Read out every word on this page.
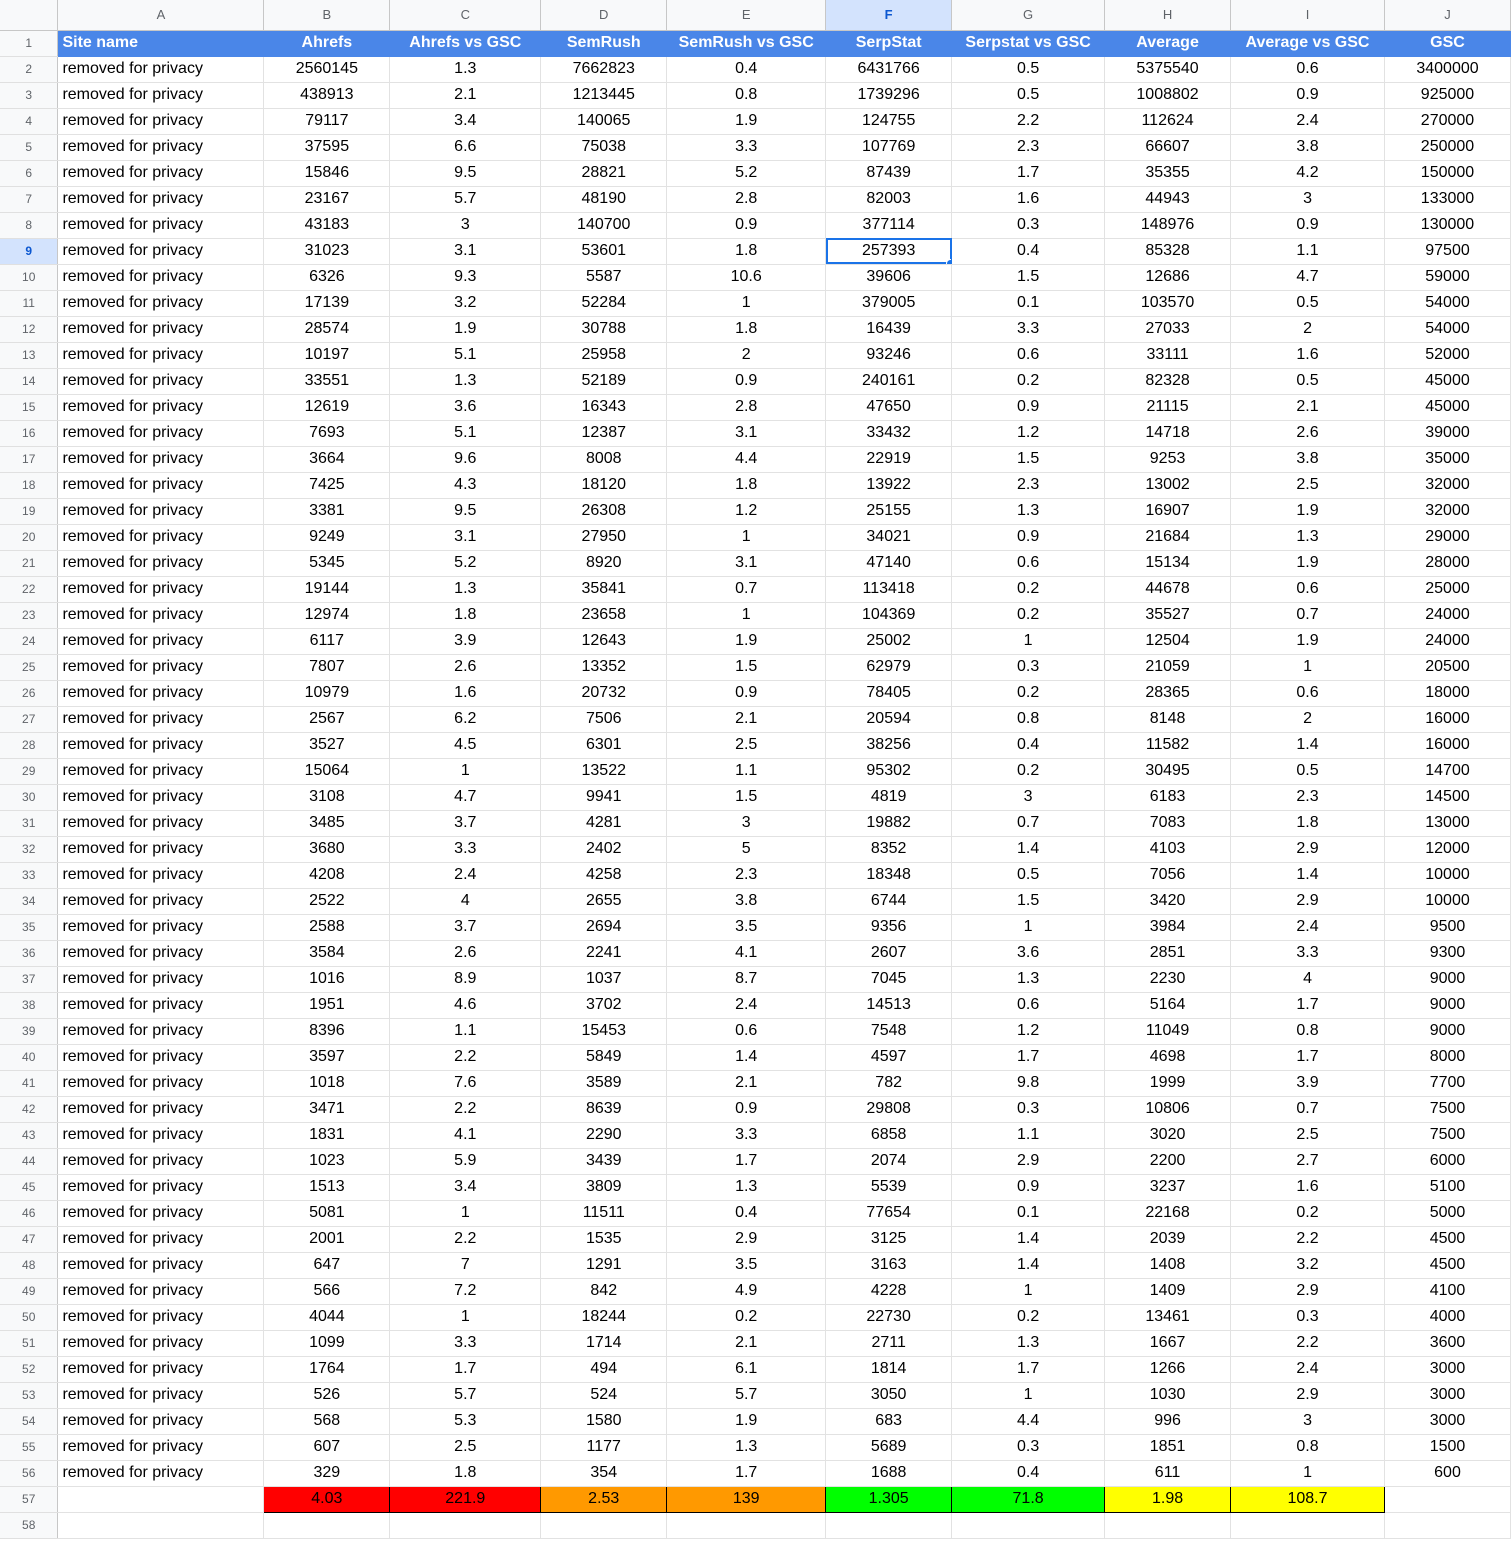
	A	B	C	D	E	F	G	H	I	J
1	Site name	Ahrefs	Ahrefs vs GSC	SemRush	SemRush vs GSC	SerpStat	Serpstat vs GSC	Average	Average vs GSC	GSC
2	removed for privacy	2560145	1.3	7662823	0.4	6431766	0.5	5375540	0.6	3400000
3	removed for privacy	438913	2.1	1213445	0.8	1739296	0.5	1008802	0.9	925000
4	removed for privacy	79117	3.4	140065	1.9	124755	2.2	112624	2.4	270000
5	removed for privacy	37595	6.6	75038	3.3	107769	2.3	66607	3.8	250000
6	removed for privacy	15846	9.5	28821	5.2	87439	1.7	35355	4.2	150000
7	removed for privacy	23167	5.7	48190	2.8	82003	1.6	44943	3	133000
8	removed for privacy	43183	3	140700	0.9	377114	0.3	148976	0.9	130000
9	removed for privacy	31023	3.1	53601	1.8	257393	0.4	85328	1.1	97500
10	removed for privacy	6326	9.3	5587	10.6	39606	1.5	12686	4.7	59000
11	removed for privacy	17139	3.2	52284	1	379005	0.1	103570	0.5	54000
12	removed for privacy	28574	1.9	30788	1.8	16439	3.3	27033	2	54000
13	removed for privacy	10197	5.1	25958	2	93246	0.6	33111	1.6	52000
14	removed for privacy	33551	1.3	52189	0.9	240161	0.2	82328	0.5	45000
15	removed for privacy	12619	3.6	16343	2.8	47650	0.9	21115	2.1	45000
16	removed for privacy	7693	5.1	12387	3.1	33432	1.2	14718	2.6	39000
17	removed for privacy	3664	9.6	8008	4.4	22919	1.5	9253	3.8	35000
18	removed for privacy	7425	4.3	18120	1.8	13922	2.3	13002	2.5	32000
19	removed for privacy	3381	9.5	26308	1.2	25155	1.3	16907	1.9	32000
20	removed for privacy	9249	3.1	27950	1	34021	0.9	21684	1.3	29000
21	removed for privacy	5345	5.2	8920	3.1	47140	0.6	15134	1.9	28000
22	removed for privacy	19144	1.3	35841	0.7	113418	0.2	44678	0.6	25000
23	removed for privacy	12974	1.8	23658	1	104369	0.2	35527	0.7	24000
24	removed for privacy	6117	3.9	12643	1.9	25002	1	12504	1.9	24000
25	removed for privacy	7807	2.6	13352	1.5	62979	0.3	21059	1	20500
26	removed for privacy	10979	1.6	20732	0.9	78405	0.2	28365	0.6	18000
27	removed for privacy	2567	6.2	7506	2.1	20594	0.8	8148	2	16000
28	removed for privacy	3527	4.5	6301	2.5	38256	0.4	11582	1.4	16000
29	removed for privacy	15064	1	13522	1.1	95302	0.2	30495	0.5	14700
30	removed for privacy	3108	4.7	9941	1.5	4819	3	6183	2.3	14500
31	removed for privacy	3485	3.7	4281	3	19882	0.7	7083	1.8	13000
32	removed for privacy	3680	3.3	2402	5	8352	1.4	4103	2.9	12000
33	removed for privacy	4208	2.4	4258	2.3	18348	0.5	7056	1.4	10000
34	removed for privacy	2522	4	2655	3.8	6744	1.5	3420	2.9	10000
35	removed for privacy	2588	3.7	2694	3.5	9356	1	3984	2.4	9500
36	removed for privacy	3584	2.6	2241	4.1	2607	3.6	2851	3.3	9300
37	removed for privacy	1016	8.9	1037	8.7	7045	1.3	2230	4	9000
38	removed for privacy	1951	4.6	3702	2.4	14513	0.6	5164	1.7	9000
39	removed for privacy	8396	1.1	15453	0.6	7548	1.2	11049	0.8	9000
40	removed for privacy	3597	2.2	5849	1.4	4597	1.7	4698	1.7	8000
41	removed for privacy	1018	7.6	3589	2.1	782	9.8	1999	3.9	7700
42	removed for privacy	3471	2.2	8639	0.9	29808	0.3	10806	0.7	7500
43	removed for privacy	1831	4.1	2290	3.3	6858	1.1	3020	2.5	7500
44	removed for privacy	1023	5.9	3439	1.7	2074	2.9	2200	2.7	6000
45	removed for privacy	1513	3.4	3809	1.3	5539	0.9	3237	1.6	5100
46	removed for privacy	5081	1	11511	0.4	77654	0.1	22168	0.2	5000
47	removed for privacy	2001	2.2	1535	2.9	3125	1.4	2039	2.2	4500
48	removed for privacy	647	7	1291	3.5	3163	1.4	1408	3.2	4500
49	removed for privacy	566	7.2	842	4.9	4228	1	1409	2.9	4100
50	removed for privacy	4044	1	18244	0.2	22730	0.2	13461	0.3	4000
51	removed for privacy	1099	3.3	1714	2.1	2711	1.3	1667	2.2	3600
52	removed for privacy	1764	1.7	494	6.1	1814	1.7	1266	2.4	3000
53	removed for privacy	526	5.7	524	5.7	3050	1	1030	2.9	3000
54	removed for privacy	568	5.3	1580	1.9	683	4.4	996	3	3000
55	removed for privacy	607	2.5	1177	1.3	5689	0.3	1851	0.8	1500
56	removed for privacy	329	1.8	354	1.7	1688	0.4	611	1	600
57		4.03	221.9	2.53	139	1.305	71.8	1.98	108.7	
58										
